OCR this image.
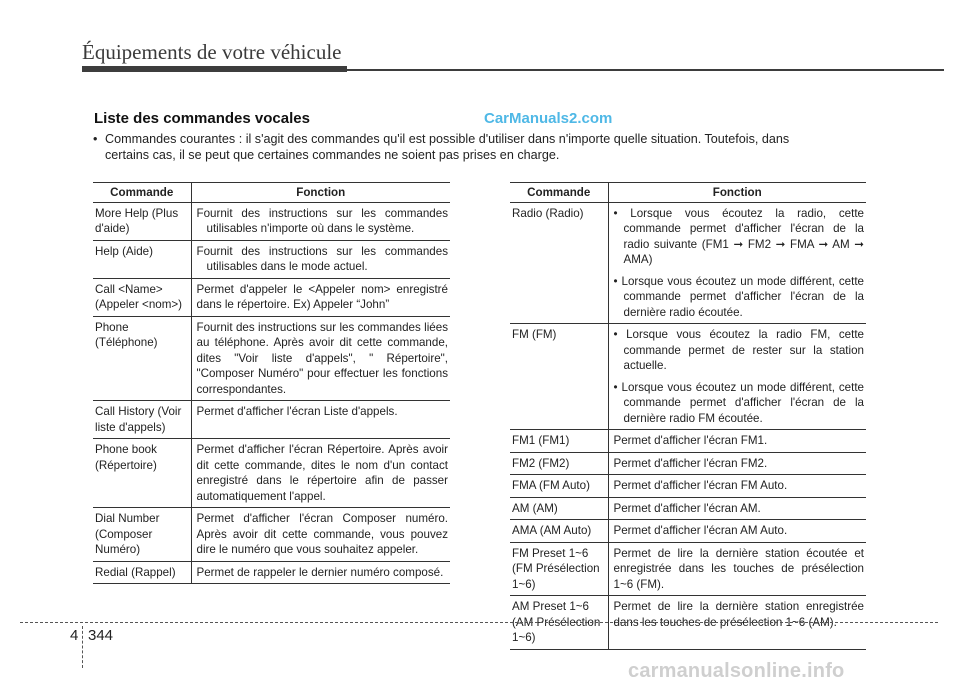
Équipements de votre véhicule
Liste des commandes vocales	CarManuals2.com
• Commandes courantes : il s'agit des commandes qu'il est possible d'utiliser dans n'importe quelle situation. Toutefois, dans
certains cas, il se peut que certaines commandes ne soient pas prises en charge.
Commande	Fonction
More Help (Plus d'aide)	Fournit des instructions sur les commandes utilisables n'importe où dans le système.

Help (Aide)	Fournit des instructions sur les commandes utilisables dans le mode actuel.

Call <Name> (Appeler <nom>)	Permet d'appeler le <Appeler nom> enregistré dans le répertoire. Ex) Appeler “John”
Phone (Téléphone)	Fournit des instructions sur les commandes liées au téléphone. Après avoir dit cette commande, dites "Voir liste d'appels", " Répertoire", "Composer Numéro" pour effectuer les fonctions correspondantes.
Call History (Voir liste d'appels)	Permet d'afficher l'écran Liste d'appels.
Phone book (Répertoire)	Permet d'afficher l'écran Répertoire. Après avoir dit cette commande, dites le nom d'un contact enregistré dans le répertoire afin de passer automatiquement l'appel.
Dial Number (Composer Numéro)	Permet d'afficher l'écran Composer numéro. Après avoir dit cette commande, vous pouvez dire le numéro que vous souhaitez appeler.
Redial (Rappel)	Permet de rappeler le dernier numéro composé.
Commande	Fonction
Radio (Radio)	• Lorsque vous écoutez la radio, cette commande permet d'afficher l'écran de la radio suivante (FM1 ➞ FM2 ➞ FMA ➞ AM ➞ AMA)
• Lorsque vous écoutez un mode différent, cette commande permet d'afficher l'écran de la dernière radio écoutée.

FM (FM)	• Lorsque vous écoutez la radio FM, cette commande permet de rester sur la station actuelle.
• Lorsque vous écoutez un mode différent, cette commande permet d'afficher l'écran de la dernière radio FM écoutée.

FM1 (FM1)	Permet d'afficher l'écran FM1.
FM2 (FM2)	Permet d'afficher l'écran FM2.
FMA (FM Auto)	Permet d'afficher l'écran FM Auto.
AM (AM)	Permet d'afficher l'écran AM.
AMA (AM Auto)	Permet d'afficher l'écran AM Auto.
FM Preset 1~6 (FM Présélection 1~6)	Permet de lire la dernière station écoutée et enregistrée dans les touches de présélection 1~6 (FM).
AM Preset 1~6 (AM Présélection 1~6)	Permet de lire la dernière station enregistrée dans les touches de présélection 1~6 (AM).
4 344
carmanualsonline.info
